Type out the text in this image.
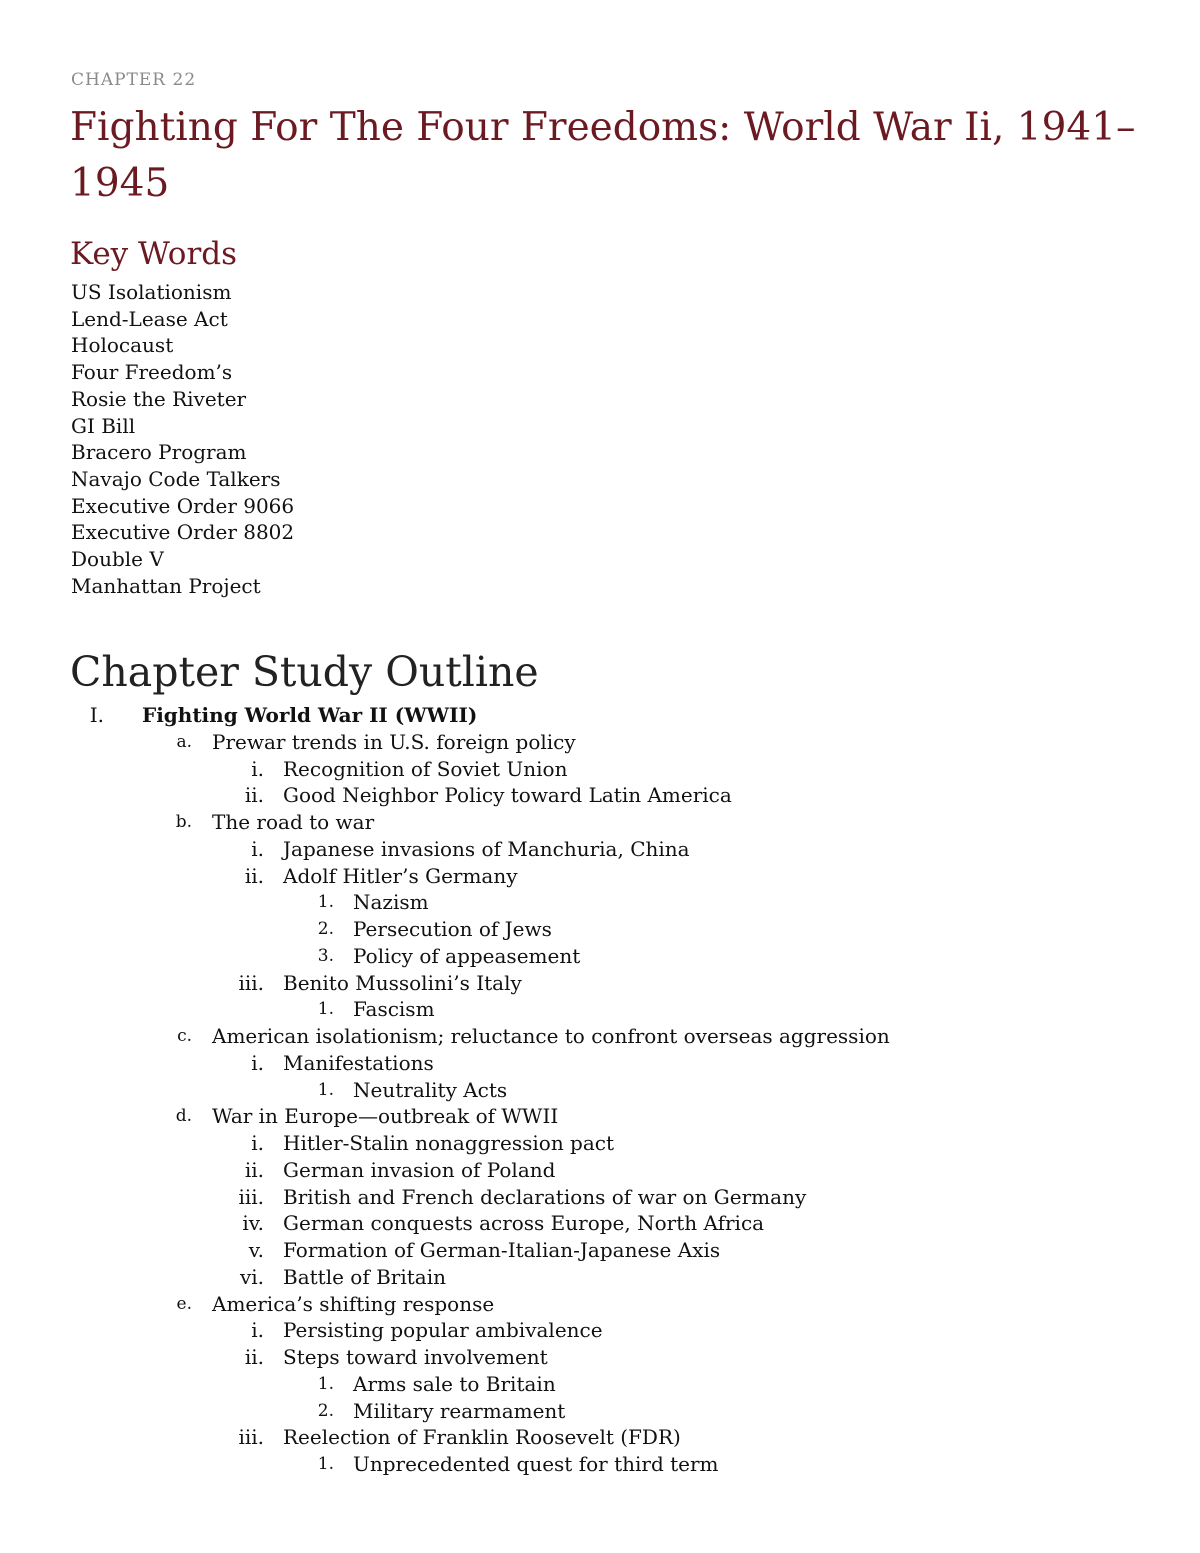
CHAPTER 22
Fighting For The Four Freedoms: World War Ii, 1941–1945
Key Words
US Isolationism
Lend-Lease Act
Holocaust
Four Freedom’s
Rosie the Riveter
GI Bill
Bracero Program
Navajo Code Talkers
Executive Order 9066
Executive Order 8802
Double V
Manhattan Project
Chapter Study Outline
I. Fighting World War II (WWII)
a. Prewar trends in U.S. foreign policy
i. Recognition of Soviet Union
ii. Good Neighbor Policy toward Latin America
b. The road to war
i. Japanese invasions of Manchuria, China
ii. Adolf Hitler’s Germany
1. Nazism
2. Persecution of Jews
3. Policy of appeasement
iii. Benito Mussolini’s Italy
1. Fascism
c. American isolationism; reluctance to confront overseas aggression
i. Manifestations
1. Neutrality Acts
d. War in Europe—outbreak of WWII
i. Hitler-Stalin nonaggression pact
ii. German invasion of Poland
iii. British and French declarations of war on Germany
iv. German conquests across Europe, North Africa
v. Formation of German-Italian-Japanese Axis
vi. Battle of Britain
e. America’s shifting response
i. Persisting popular ambivalence
ii. Steps toward involvement
1. Arms sale to Britain
2. Military rearmament
iii. Reelection of Franklin Roosevelt (FDR)
1. Unprecedented quest for third term
